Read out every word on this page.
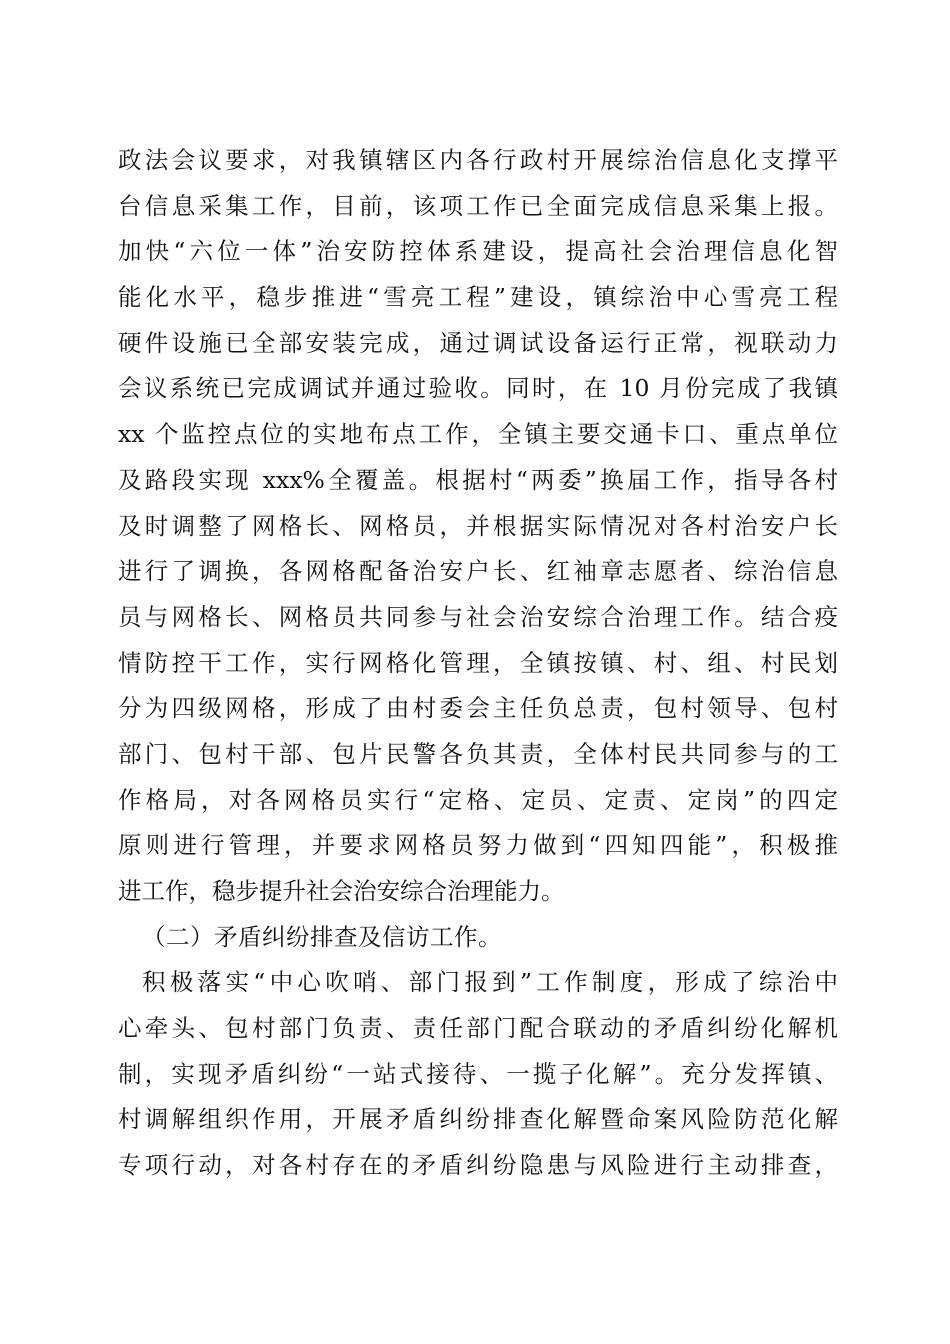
政法会议要求，对我镇辖区内各行政村开展综治信息化支撑平
台信息采集工作，目前，该项工作已全面完成信息采集上报。
加快“六位一体”治安防控体系建设，提高社会治理信息化智
能化水平，稳步推进“雪亮工程”建设，镇综治中心雪亮工程
硬件设施已全部安装完成，通过调试设备运行正常，视联动力
会议系统已完成调试并通过验收。同时，在 10 月份完成了我镇
xx 个监控点位的实地布点工作，全镇主要交通卡口、重点单位
及路段实现 xxx%全覆盖。根据村“两委”换届工作，指导各村
及时调整了网格长、网格员，并根据实际情况对各村治安户长
进行了调换，各网格配备治安户长、红袖章志愿者、综治信息
员与网格长、网格员共同参与社会治安综合治理工作。结合疫
情防控干工作，实行网格化管理，全镇按镇、村、组、村民划
分为四级网格，形成了由村委会主任负总责，包村领导、包村
部门、包村干部、包片民警各负其责，全体村民共同参与的工
作格局，对各网格员实行“定格、定员、定责、定岗”的四定
原则进行管理，并要求网格员努力做到“四知四能”，积极推
进工作，稳步提升社会治安综合治理能力。
（二）矛盾纠纷排查及信访工作。
积极落实“中心吹哨、部门报到”工作制度，形成了综治中
心牵头、包村部门负责、责任部门配合联动的矛盾纠纷化解机
制，实现矛盾纠纷“一站式接待、一揽子化解”。充分发挥镇、
村调解组织作用，开展矛盾纠纷排查化解暨命案风险防范化解
专项行动，对各村存在的矛盾纠纷隐患与风险进行主动排查，
